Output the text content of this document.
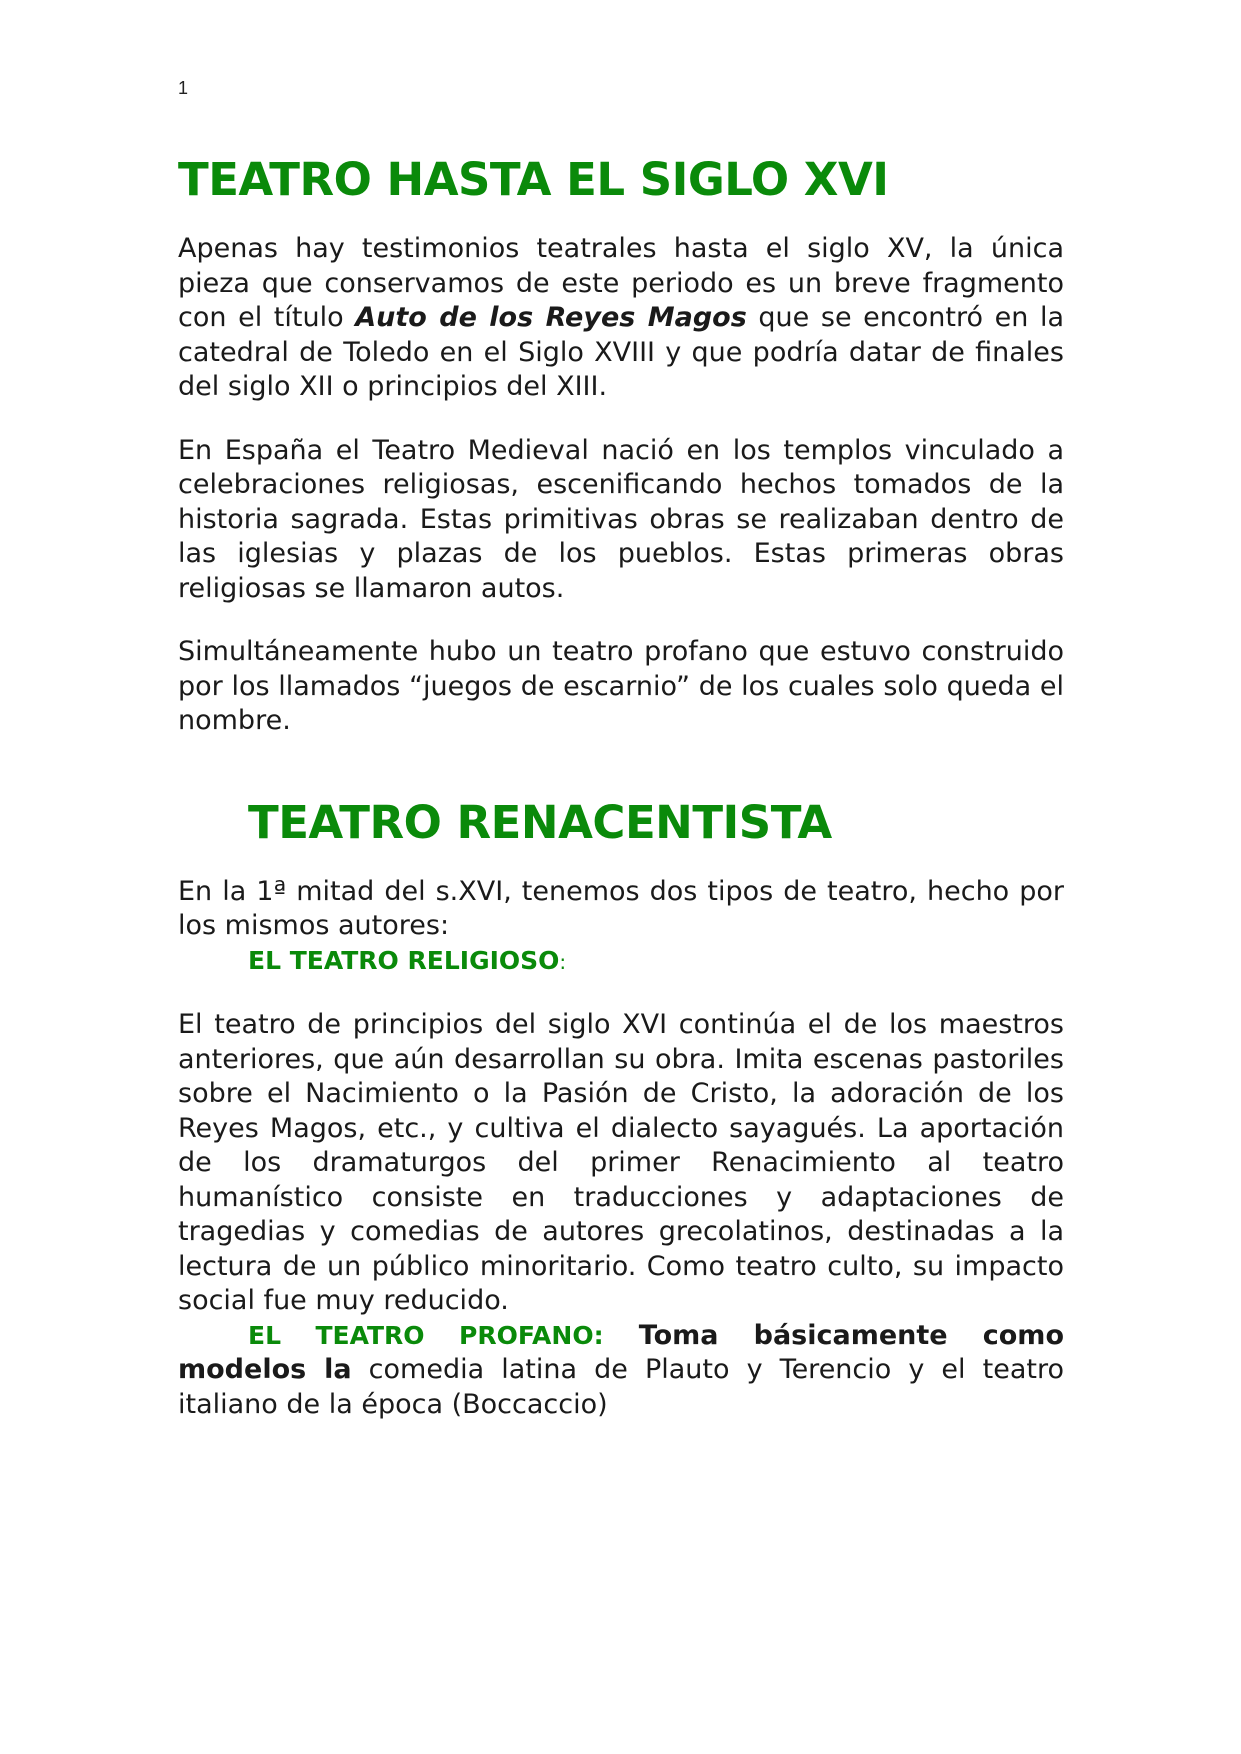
1
TEATRO HASTA EL SIGLO XVI

Apenas hay testimonios teatrales hasta el siglo XV, la única pieza que conservamos de este periodo es un breve fragmento con el título Auto de los Reyes Magos que se encontró en la catedral de Toledo en el Siglo XVIII y que podría datar de finales del siglo XII o principios del XIII.

En España el Teatro Medieval nació en los templos vinculado a celebraciones religiosas, escenificando hechos tomados de la historia sagrada. Estas primitivas obras se realizaban dentro de las iglesias y plazas de los pueblos. Estas primeras obras religiosas se llamaron autos.

Simultáneamente hubo un teatro profano que estuvo construido por los llamados “juegos de escarnio” de los cuales solo queda el nombre.

TEATRO RENACENTISTA

En la 1ª mitad del s.XVI, tenemos dos tipos de teatro, hecho por los mismos autores:

EL TEATRO RELIGIOSO:

El teatro de principios del siglo XVI continúa el de los maestros anteriores, que aún desarrollan su obra. Imita escenas pastoriles sobre el Nacimiento o la Pasión de Cristo, la adoración de los Reyes Magos, etc., y cultiva el dialecto sayagués. La aportación de los dramaturgos del primer Renacimiento al teatro humanístico consiste en traducciones y adaptaciones de tragedias y comedias de autores grecolatinos, destinadas a la lectura de un público minoritario. Como teatro culto, su impacto social fue muy reducido.

EL TEATRO PROFANO: Toma básicamente como modelos la comedia latina de Plauto y Terencio y el teatro italiano de la época (Boccaccio)
